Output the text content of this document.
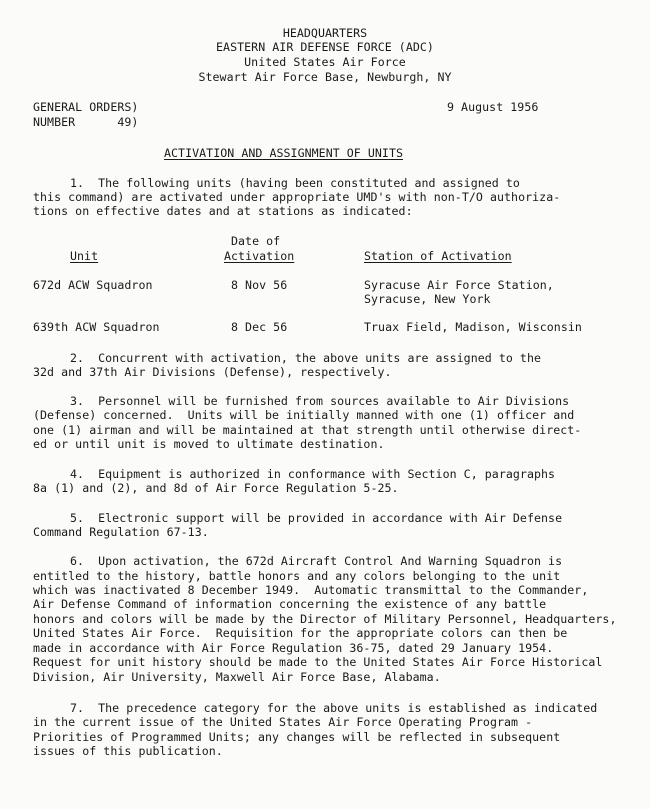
HEADQUARTERS
EASTERN AIR DEFENSE FORCE (ADC)
United States Air Force
Stewart Air Force Base, Newburgh, NY
GENERAL ORDERS)
NUMBER      49)
9 August 1956
ACTIVATION AND ASSIGNMENT OF UNITS
1.  The following units (having been constituted and assigned to
this command) are activated under appropriate UMD's with non-T/O authoriza-
tions on effective dates and at stations as indicated:
Date of
Unit	Activation	Station of Activation
672d ACW Squadron	8 Nov 56	Syracuse Air Force Station,
Syracuse, New York
639th ACW Squadron	8 Dec 56	Truax Field, Madison, Wisconsin
2.  Concurrent with activation, the above units are assigned to the
32d and 37th Air Divisions (Defense), respectively.
3.  Personnel will be furnished from sources available to Air Divisions
(Defense) concerned.  Units will be initially manned with one (1) officer and
one (1) airman and will be maintained at that strength until otherwise direct-
ed or until unit is moved to ultimate destination.
4.  Equipment is authorized in conformance with Section C, paragraphs
8a (1) and (2), and 8d of Air Force Regulation 5-25.
5.  Electronic support will be provided in accordance with Air Defense
Command Regulation 67-13.
6.  Upon activation, the 672d Aircraft Control And Warning Squadron is
entitled to the history, battle honors and any colors belonging to the unit
which was inactivated 8 December 1949.  Automatic transmittal to the Commander,
Air Defense Command of information concerning the existence of any battle
honors and colors will be made by the Director of Military Personnel, Headquarters,
United States Air Force.  Requisition for the appropriate colors can then be
made in accordance with Air Force Regulation 36-75, dated 29 January 1954.
Request for unit history should be made to the United States Air Force Historical
Division, Air University, Maxwell Air Force Base, Alabama.
7.  The precedence category for the above units is established as indicated
in the current issue of the United States Air Force Operating Program -
Priorities of Programmed Units; any changes will be reflected in subsequent
issues of this publication.
